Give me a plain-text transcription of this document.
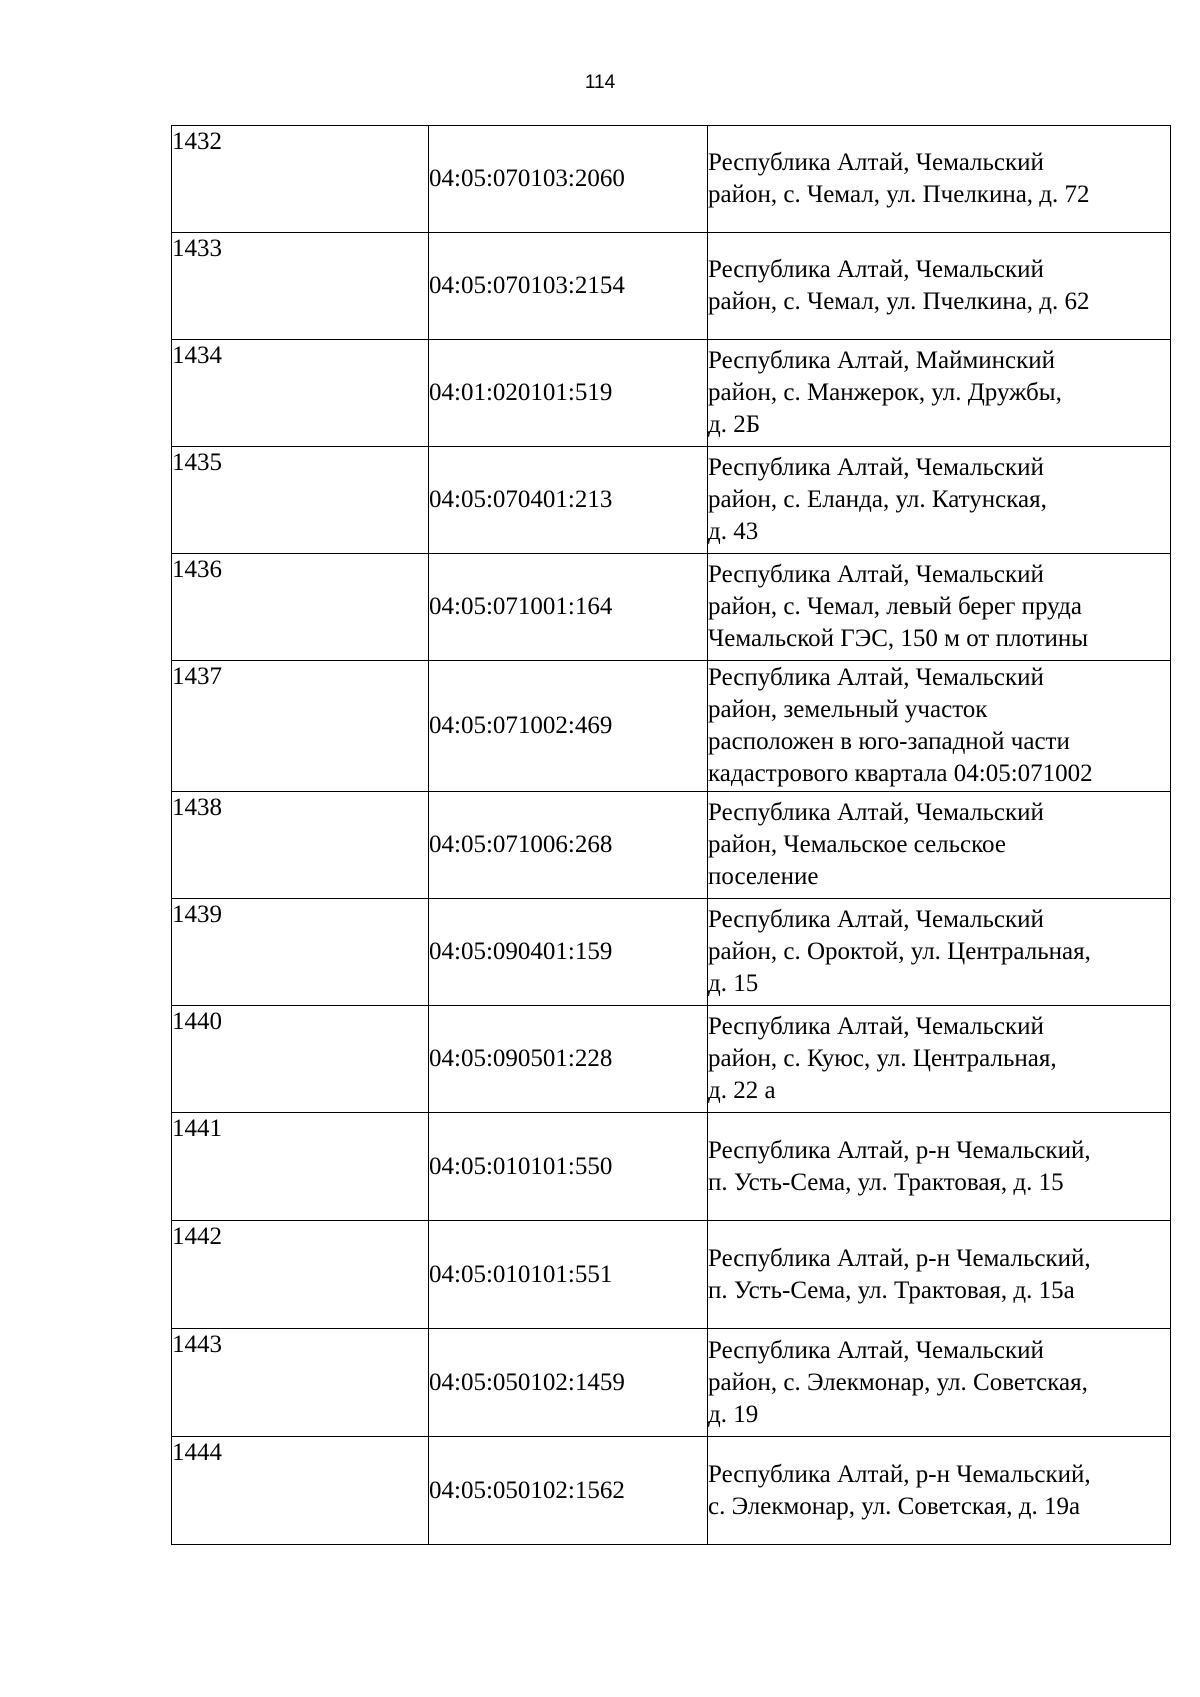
114
1432	04:05:070103:2060	Республика Алтай, Чемальский
район, с. Чемал, ул. Пчелкина, д. 72

1433	04:05:070103:2154	Республика Алтай, Чемальский
район, с. Чемал, ул. Пчелкина, д. 62

1434	04:01:020101:519	Республика Алтай, Майминский
район, с. Манжерок, ул. Дружбы,
д. 2Б

1435	04:05:070401:213	Республика Алтай, Чемальский
район, с. Еланда, ул. Катунская,
д. 43

1436	04:05:071001:164	Республика Алтай, Чемальский
район, с. Чемал, левый берег пруда
Чемальской ГЭС, 150 м от плотины

1437	04:05:071002:469	Республика Алтай, Чемальский
район, земельный участок
расположен в юго-западной части
кадастрового квартала 04:05:071002

1438	04:05:071006:268	Республика Алтай, Чемальский
район, Чемальское сельское
поселение

1439	04:05:090401:159	Республика Алтай, Чемальский
район, с. Ороктой, ул. Центральная,
д. 15

1440	04:05:090501:228	Республика Алтай, Чемальский
район, с. Куюс, ул. Центральная,
д. 22 а

1441	04:05:010101:550	Республика Алтай, р-н Чемальский,
п. Усть-Сема, ул. Трактовая, д. 15

1442	04:05:010101:551	Республика Алтай, р-н Чемальский,
п. Усть-Сема, ул. Трактовая, д. 15а

1443	04:05:050102:1459	Республика Алтай, Чемальский
район, с. Элекмонар, ул. Советская,
д. 19

1444	04:05:050102:1562	Республика Алтай, р-н Чемальский,
с. Элекмонар, ул. Советская, д. 19а
